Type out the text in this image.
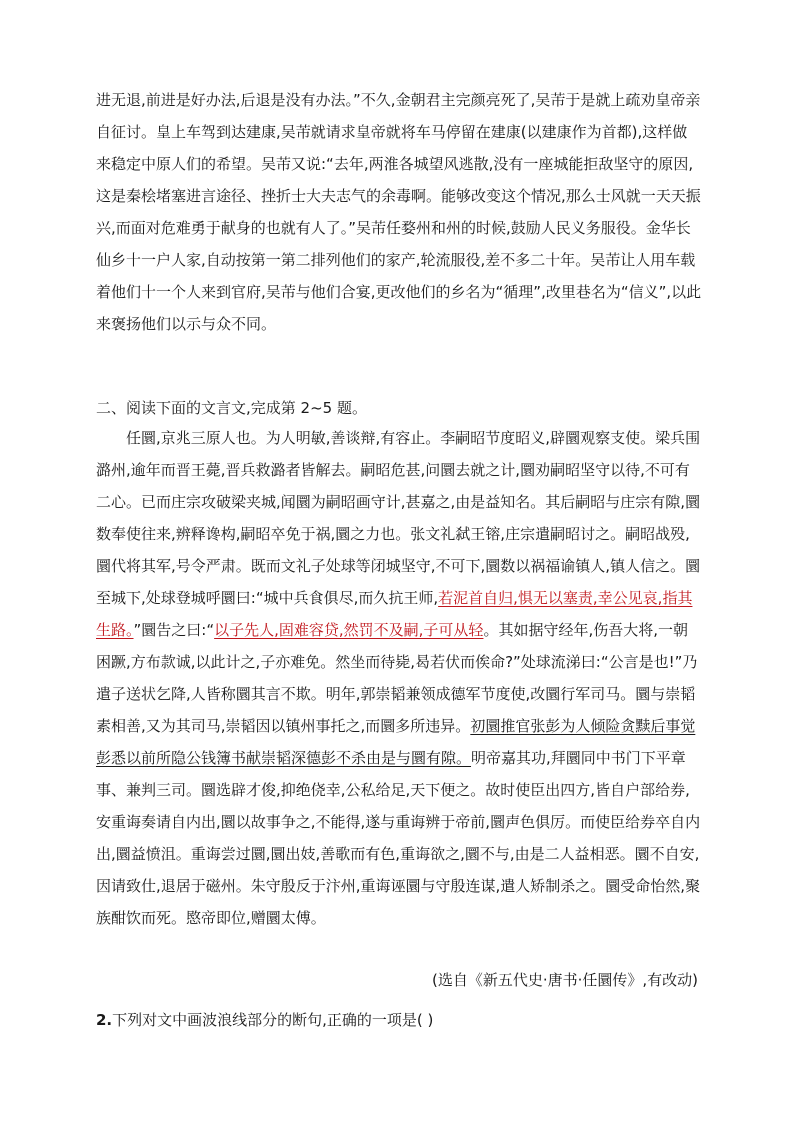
进无退,前进是好办法,后退是没有办法。”不久,金朝君主完颜亮死了,吴芾于是就上疏劝皇帝亲自征讨。皇上车驾到达建康,吴芾就请求皇帝就将车马停留在建康(以建康作为首都),这样做来稳定中原人们的希望。吴芾又说:“去年,两淮各城望风逃散,没有一座城能拒敌坚守的原因,这是秦桧堵塞进言途径、挫折士大夫志气的余毒啊。能够改变这个情况,那么士风就一天天振兴,而面对危难勇于献身的也就有人了。”吴芾任婺州和州的时候,鼓励人民义务服役。金华长仙乡十一户人家,自动按第一第二排列他们的家产,轮流服役,差不多二十年。吴芾让人用车载着他们十一个人来到官府,吴芾与他们合宴,更改他们的乡名为“循理”,改里巷名为“信义”,以此来褒扬他们以示与众不同。

二、阅读下面的文言文,完成第 2~5 题。

任圜,京兆三原人也。为人明敏,善谈辩,有容止。李嗣昭节度昭义,辟圜观察支使。梁兵围潞州,逾年而晋王薨,晋兵救潞者皆解去。嗣昭危甚,问圜去就之计,圜劝嗣昭坚守以待,不可有二心。已而庄宗攻破梁夹城,闻圜为嗣昭画守计,甚嘉之,由是益知名。其后嗣昭与庄宗有隙,圜数奉使往来,辨释谗构,嗣昭卒免于祸,圜之力也。张文礼弑王镕,庄宗遣嗣昭讨之。嗣昭战殁,圜代将其军,号令严肃。既而文礼子处球等闭城坚守,不可下,圜数以祸福谕镇人,镇人信之。圜至城下,处球登城呼圜曰:“城中兵食俱尽,而久抗王师,若泥首自归,惧无以塞责,幸公见哀,指其生路。”圜告之曰:“以子先人,固难容贷,然罚不及嗣,子可从轻。其如据守经年,伤吾大将,一朝困蹶,方布款诚,以此计之,子亦难免。然坐而待毙,曷若伏而俟命?”处球流涕曰:“公言是也!”乃遣子送状乞降,人皆称圜其言不欺。明年,郭崇韬兼领成德军节度使,改圜行军司马。圜与崇韬素相善,又为其司马,崇韬因以镇州事托之,而圜多所违异。初圜推官张彭为人倾险贪黩后事觉彭悉以前所隐公钱簿书献崇韬深德彭不杀由是与圜有隙。明帝嘉其功,拜圜同中书门下平章事、兼判三司。圜选辟才俊,抑绝侥幸,公私给足,天下便之。故时使臣出四方,皆自户部给券,安重诲奏请自内出,圜以故事争之,不能得,遂与重诲辨于帝前,圜声色俱厉。而使臣给券卒自内出,圜益愤沮。重诲尝过圜,圜出妓,善歌而有色,重诲欲之,圜不与,由是二人益相恶。圜不自安,因请致仕,退居于磁州。朱守殷反于汴州,重诲诬圜与守殷连谋,遣人矫制杀之。圜受命怡然,聚族酣饮而死。愍帝即位,赠圜太傅。

(选自《新五代史·唐书·任圜传》,有改动)
2.下列对文中画波浪线部分的断句,正确的一项是( )
